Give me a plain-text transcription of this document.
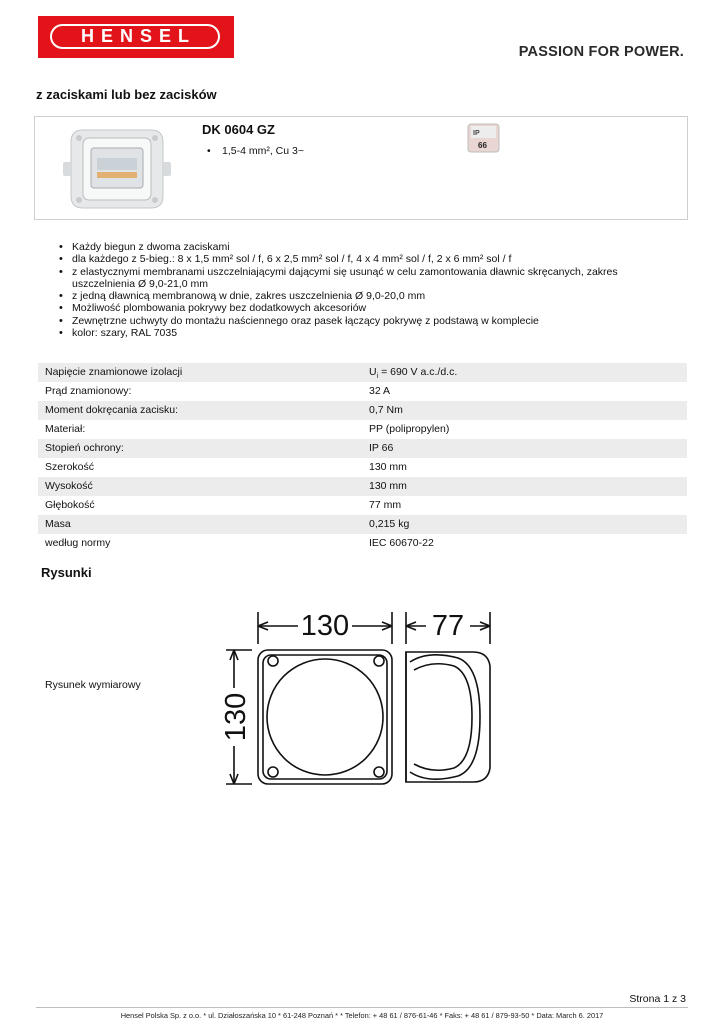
HENSEL
PASSION FOR POWER.
z zaciskami lub bez zacisków
DK 0604 GZ
• 1,5-4 mm², Cu 3~
IP
66
• Każdy biegun z dwoma zaciskami
• dla każdego z 5-bieg.: 8 x 1,5 mm² sol / f, 6 x 2,5 mm² sol / f, 4 x 4 mm² sol / f, 2 x 6 mm² sol / f
• z elastycznymi membranami uszczelniającymi dającymi się usunąć w celu zamontowania dławnic skręcanych, zakres uszczelnienia Ø 9,0-21,0 mm
• z jedną dławnicą membranową w dnie, zakres uszczelnienia Ø 9,0-20,0 mm
• Możliwość plombowania pokrywy bez dodatkowych akcesoriów
• Zewnętrzne uchwyty do montażu naściennego oraz pasek łączący pokrywę z podstawą w komplecie
• kolor: szary, RAL 7035
Napięcie znamionowe izolacji	$U_i = 690$ V a.c./d.c.
Prąd znamionowy:	32 A
Moment dokręcania zacisku:	0,7 Nm
Materiał:	PP (polipropylen)
Stopień ochrony:	IP 66
Szerokość	130 mm
Wysokość	130 mm
Głębokość	77 mm
Masa	0,215 kg
według normy	IEC 60670-22
Rysunki
Rysunek wymiarowy
130	77
130
Strona 1 z 3
Hensel Polska Sp. z o.o. * ul. Działoszańska 10 * 61-248 Poznań * * Telefon: + 48 61 / 876-61-46 * Faks: + 48 61 / 879-93-50 * Data: March 6. 2017
